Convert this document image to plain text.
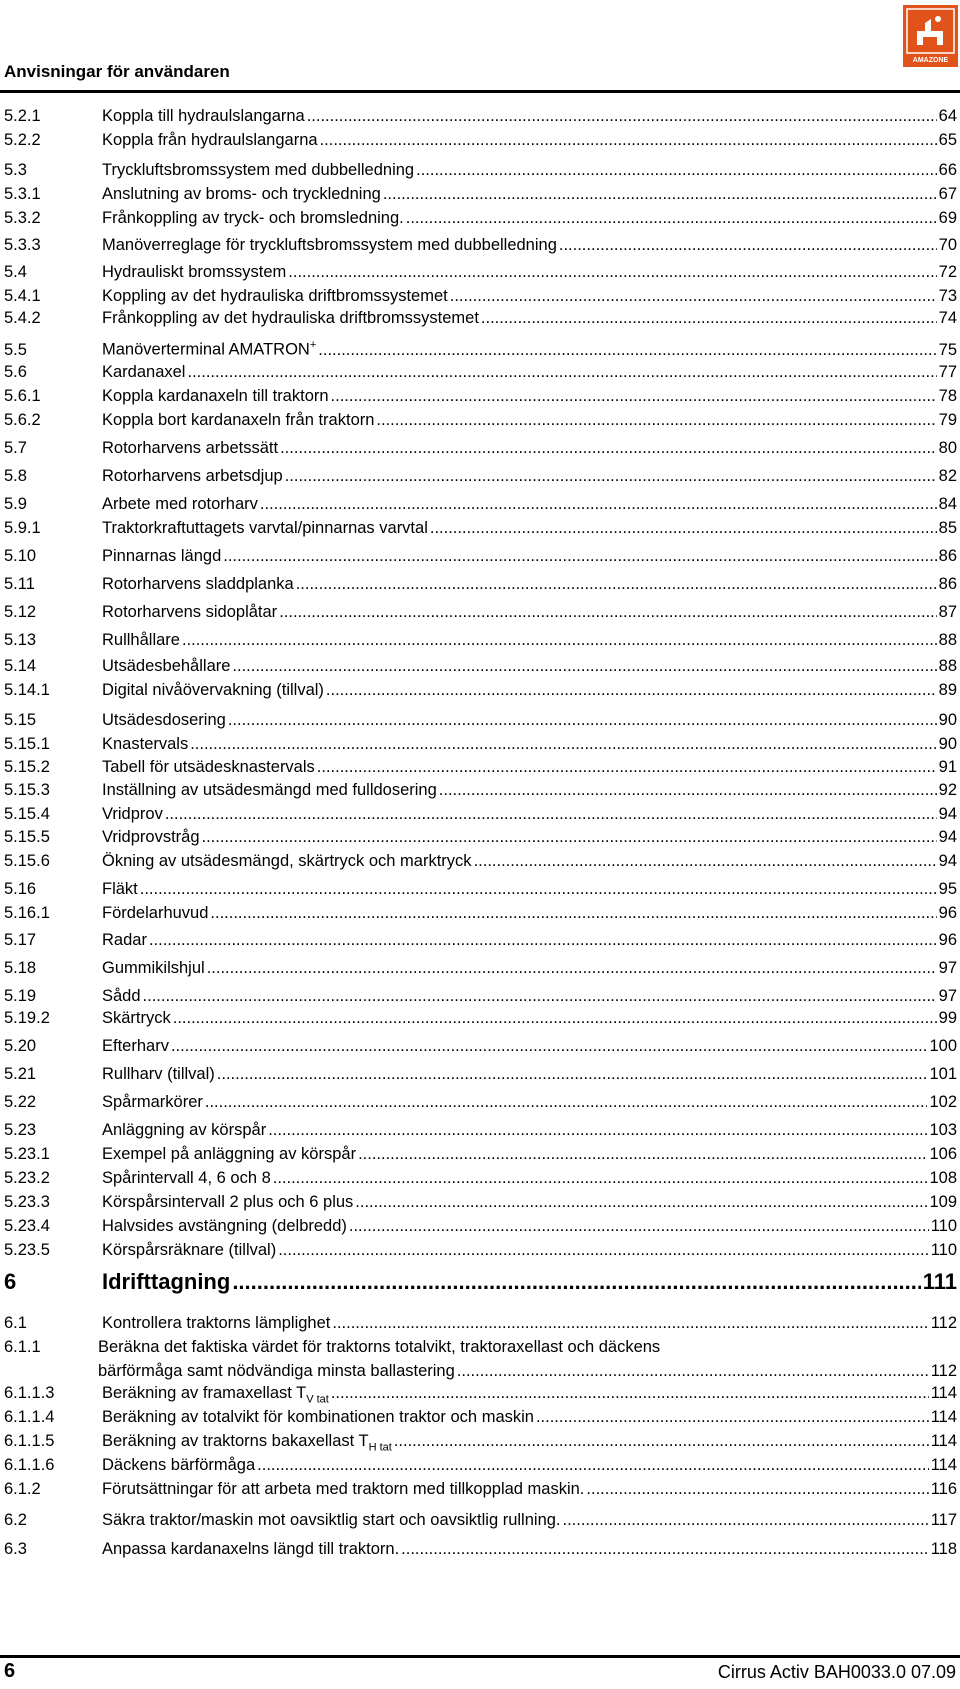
Anvisningar för användaren
AMAZONE
5.2.1	Koppla till hydraulslangarna .....	64
5.2.2	Koppla från hydraulslangarna .....	65
5.3	Tryckluftsbromssystem med dubbelledning .....	66
5.3.1	Anslutning av broms- och tryckledning .....	67
5.3.2	Frånkoppling av tryck- och bromsledning. .....	69
5.3.3	Manöverreglage för tryckluftsbromssystem med dubbelledning .....	70
5.4	Hydrauliskt bromssystem .....	72
5.4.1	Koppling av det hydrauliska driftbromssystemet .....	73
5.4.2	Frånkoppling av det hydrauliska driftbromssystemet .....	74
5.5	Manöverterminal AMATRON+ .....	75
5.6	Kardanaxel .....	77
5.6.1	Koppla kardanaxeln till traktorn .....	78
5.6.2	Koppla bort kardanaxeln från traktorn .....	79
5.7	Rotorharvens arbetssätt .....	80
5.8	Rotorharvens arbetsdjup .....	82
5.9	Arbete med rotorharv .....	84
5.9.1	Traktorkraftuttagets varvtal/pinnarnas varvtal .....	85
5.10	Pinnarnas längd .....	86
5.11	Rotorharvens sladdplanka .....	86
5.12	Rotorharvens sidoplåtar .....	87
5.13	Rullhållare .....	88
5.14	Utsädesbehållare .....	88
5.14.1	Digital nivåövervakning (tillval) .....	89
5.15	Utsädesdosering .....	90
5.15.1	Knastervals .....	90
5.15.2	Tabell för utsädesknastervals .....	91
5.15.3	Inställning av utsädesmängd med fulldosering .....	92
5.15.4	Vridprov .....	94
5.15.5	Vridprovstråg .....	94
5.15.6	Ökning av utsädesmängd, skärtryck och marktryck .....	94
5.16	Fläkt .....	95
5.16.1	Fördelarhuvud .....	96
5.17	Radar .....	96
5.18	Gummikilshjul .....	97
5.19	Sådd .....	97
5.19.2	Skärtryck .....	99
5.20	Efterharv .....	100
5.21	Rullharv (tillval) .....	101
5.22	Spårmarkörer .....	102
5.23	Anläggning av körspår .....	103
5.23.1	Exempel på anläggning av körspår .....	106
5.23.2	Spårintervall 4, 6 och 8 .....	108
5.23.3	Körspårsintervall 2 plus och 6 plus .....	109
5.23.4	Halvsides avstängning (delbredd) .....	110
5.23.5	Körspårsräknare (tillval) .....	110
6	Idrifttagning .....	111
6.1	Kontrollera traktorns lämplighet .....	112
6.1.1	Beräkna det faktiska värdet för traktorns totalvikt, traktoraxellast och däckens
bärförmåga samt nödvändiga minsta ballastering .....	112
6.1.1.3	Beräkning av framaxellast $T_{V tat}$ .....	114
6.1.1.4	Beräkning av totalvikt för kombinationen traktor och maskin .....	114
6.1.1.5	Beräkning av traktorns bakaxellast $T_{H tat}$ .....	114
6.1.1.6	Däckens bärförmåga .....	114
6.1.2	Förutsättningar för att arbeta med traktorn med tillkopplad maskin. .....	116
6.2	Säkra traktor/maskin mot oavsiktlig start och oavsiktlig rullning. .....	117
6.3	Anpassa kardanaxelns längd till traktorn. .....	118
6	Cirrus Activ BAH0033.0 07.09
